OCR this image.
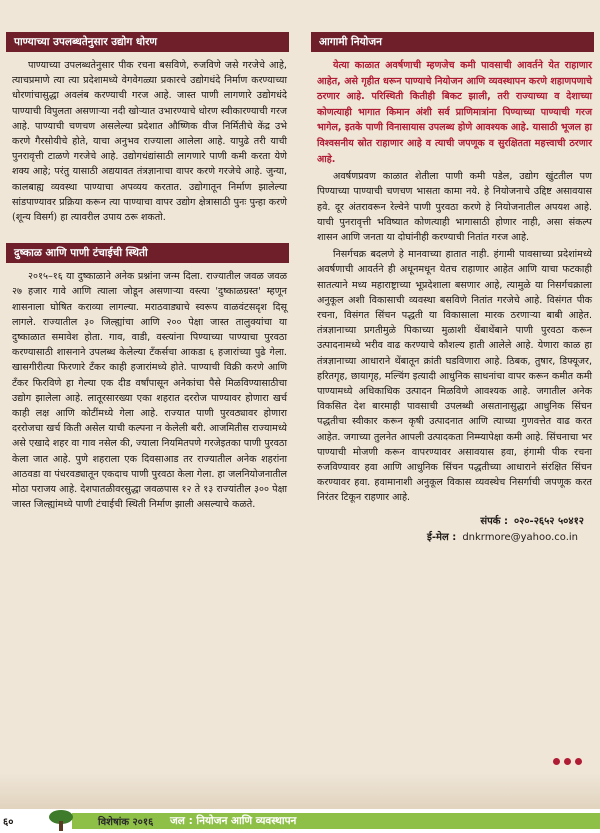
पाण्याच्या उपलब्धतेनुसार उद्योग धोरण

पाण्याच्या उपलब्धतेनुसार पीक रचना बसविणे, रुजविणे जसे गरजेचे आहे, त्याचप्रमाणे त्या त्या प्रदेशामध्ये वेगवेगळ्या प्रकारचे उद्योगधंदे निर्माण करण्याच्या धोरणांचासुद्धा अवलंब करण्याची गरज आहे. जास्त पाणी लागणारे उद्योगधंदे पाण्याची विपुलता असणाऱ्या नदी खोऱ्यात उभारण्याचे धोरण स्वीकारण्याची गरज आहे. पाण्याची चणचण असलेल्या प्रदेशात औष्णिक वीज निर्मितीचे केंद्र उभे करणे गैरसोयीचे होते, याचा अनुभव राज्याला आलेला आहे. यापुढे तरी याची पुनरावृत्ती टाळणे गरजेचे आहे. उद्योगधंद्यांसाठी लागणारे पाणी कमी करता येणे शक्य आहे; परंतु यासाठी अद्ययावत तंत्रज्ञानाचा वापर करणे गरजेचे आहे. जुन्या, कालबाह्य व्यवस्था पाण्याचा अपव्यय करतात. उद्योगातून निर्माण झालेल्या सांडपाण्यावर प्रक्रिया करून त्या पाण्याचा वापर उद्योग क्षेत्रासाठी पुनः पुन्हा करणे (शून्य विसर्ग) हा त्यावरील उपाय ठरू शकतो.

दुष्काळ आणि पाणी टंचाईची स्थिती

२०१५–१६ या दुष्काळाने अनेक प्रश्नांना जन्म दिला. राज्यातील जवळ जवळ २७ हजार गावे आणि त्याला जोडून असणाऱ्या वस्त्या 'दुष्काळग्रस्त' म्हणून शासनाला घोषित कराव्या लागल्या. मराठवाड्याचे स्वरूप वाळवंटसदृश दिसू लागले. राज्यातील ३० जिल्ह्यांचा आणि २०० पेक्षा जास्त तालुक्यांचा या दुष्काळात समावेश होता. गाव, वाडी, वस्त्यांना पिण्याच्या पाण्याचा पुरवठा करण्यासाठी शासनाने उपलब्ध केलेल्या टँकर्सचा आकडा ६ हजारांच्या पुढे गेला. खासगीरीत्या फिरणारे टँकर काही हजारांमध्ये होते. पाण्याची विक्री करणे आणि टँकर फिरविणे हा गेल्या एक दीड वर्षांपासून अनेकांचा पैसे मिळविण्यासाठीचा उद्योग झालेला आहे. लातूरसारख्या एका शहरात दररोज पाण्यावर होणारा खर्च काही लक्ष आणि कोटींमध्ये गेला आहे. राज्यात पाणी पुरवठ्यावर होणारा दररोजचा खर्च किती असेल याची कल्पना न केलेली बरी. आजमितीस राज्यामध्ये असे एखादे शहर वा गाव नसेल की, ज्याला नियमितपणे गरजेइतका पाणी पुरवठा केला जात आहे. पुणे शहराला एक दिवसाआड तर राज्यातील अनेक शहरांना आठवडा वा पंधरवड्यातून एकदाच पाणी पुरवठा केला गेला. हा जलनियोजनातील मोठा पराजय आहे. देशपातळीवरसुद्धा जवळपास १२ ते १३ राज्यांतील ३०० पेक्षा जास्त जिल्ह्यांमध्ये पाणी टंचाईची स्थिती निर्माण झाली असल्याचे कळते.

आगामी नियोजन

येत्या काळात अवर्षणाची म्हणजेच कमी पावसाची आवर्तने येत राहाणार आहेत, असे गृहीत धरून पाण्याचे नियोजन आणि व्यवस्थापन करणे शहाणपणाचे ठरणार आहे. परिस्थिती कितीही बिकट झाली, तरी राज्याच्या व देशाच्या कोणत्याही भागात किमान अंशी सर्व प्राणिमात्रांना पिण्याच्या पाण्याची गरज भागेल, इतके पाणी विनासायास उपलब्ध होणे आवश्यक आहे. यासाठी भूजल हा विश्वसनीय स्रोत राहाणार आहे व त्याची जपणूक व सुरक्षितता महत्त्वाची ठरणार आहे.

अवर्षणप्रवण काळात शेतीला पाणी कमी पडेल, उद्योग खुंटतील पण पिण्याच्या पाण्याची चणचण भासता कामा नये. हे नियोजनाचे उद्दिष्ट असावयास हवे. दूर अंतरावरून रेल्वेने पाणी पुरवठा करणे हे नियोजनातील अपयश आहे. याची पुनरावृत्ती भविष्यात कोणत्याही भागासाठी होणार नाही, असा संकल्प शासन आणि जनता या दोघांनीही करण्याची नितांत गरज आहे.

निसर्गचक्र बदलणे हे मानवाच्या हातात नाही. हंगामी पावसाच्या प्रदेशांमध्ये अवर्षणाची आवर्तने ही अधूनमधून येतच राहाणार आहेत आणि याचा फटकाही सातत्याने मध्य महाराष्ट्राच्या भूप्रदेशाला बसणार आहे, त्यामुळे या निसर्गचक्राला अनुकूल अशी विकासाची व्यवस्था बसविणे नितांत गरजेचे आहे. विसंगत पीक रचना, विसंगत सिंचन पद्धती या विकासाला मारक ठरणाऱ्या बाबी आहेत. तंत्रज्ञानाच्या प्रगतीमुळे पिकाच्या मुळाशी थेंबाथेंबाने पाणी पुरवठा करून उत्पादनामध्ये भरीव वाढ करण्याचे कौशल्य हाती आलेले आहे. येणारा काळ हा तंत्रज्ञानाच्या आधाराने थेंबातून क्रांती घडविणारा आहे. ठिबक, तुषार, डिफ्यूजर, हरितगृह, छायागृह, मल्चिंग इत्यादी आधुनिक साधनांचा वापर करून कमीत कमी पाण्यामध्ये अधिकाधिक उत्पादन मिळविणे आवश्यक आहे. जगातील अनेक विकसित देश बारमाही पावसाची उपलब्धी असतानासुद्धा आधुनिक सिंचन पद्धतीचा स्वीकार करून कृषी उत्पादनात आणि त्याच्या गुणवत्तेत वाढ करत आहेत. जगाच्या तुलनेत आपली उत्पादकता निम्म्यापेक्षा कमी आहे. सिंचनाचा भर पाण्याची मोजणी करून वापरण्यावर असावयास हवा, हंगामी पीक रचना रुजविण्यावर हवा आणि आधुनिक सिंचन पद्धतीच्या आधाराने संरक्षित सिंचन करण्यावर हवा. हवामानाशी अनुकूल विकास व्यवस्थेच निसर्गाची जपणूक करत निरंतर टिकून राहणार आहे.

संपर्क : ०२०-२६५२ ५०४१२
ई-मेल : dnkrmore@yahoo.co.in
६०	विशेषांक २०१६ जल : नियोजन आणि व्यवस्थापन
